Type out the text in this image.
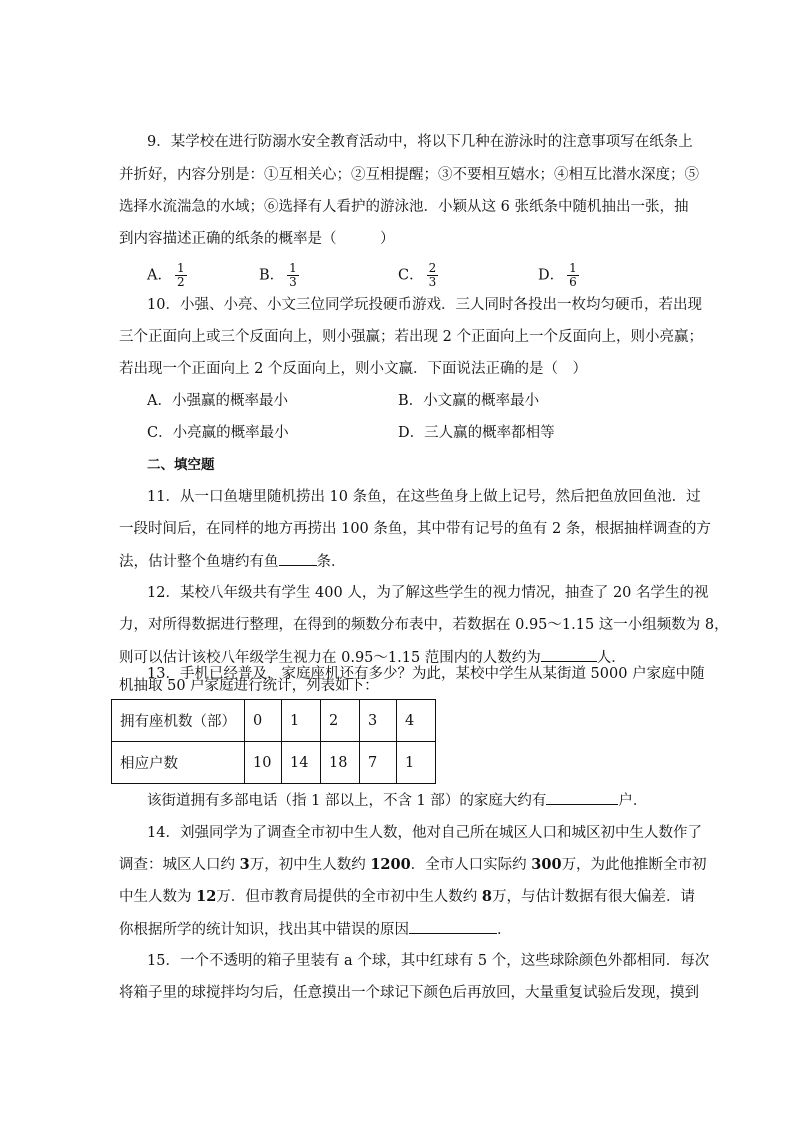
9．某学校在进行防溺水安全教育活动中，将以下几种在游泳时的注意事项写在纸条上
并折好，内容分别是：①互相关心；②互相提醒；③不要相互嬉水；④相互比潜水深度；⑤
选择水流湍急的水域；⑥选择有人看护的游泳池．小颖从这 6 张纸条中随机抽出一张，抽
到内容描述正确的纸条的概率是（　　　）
A． $\frac{1}{2}$	B． $\frac{1}{3}$	C． $\frac{2}{3}$	D． $\frac{1}{6}$
10．小强、小亮、小文三位同学玩投硬币游戏．三人同时各投出一枚均匀硬币，若出现
三个正面向上或三个反面向上，则小强赢；若出现 2 个正面向上一个反面向上，则小亮赢；
若出现一个正面向上 2 个反面向上，则小文赢．下面说法正确的是（　）
A．小强赢的概率最小	B．小文赢的概率最小
C．小亮赢的概率最小	D．三人赢的概率都相等
二、填空题
11．从一口鱼塘里随机捞出 10 条鱼，在这些鱼身上做上记号，然后把鱼放回鱼池．过
一段时间后，在同样的地方再捞出 100 条鱼，其中带有记号的鱼有 2 条，根据抽样调查的方
法，估计整个鱼塘约有鱼	条．
12．某校八年级共有学生 400 人，为了解这些学生的视力情况，抽查了 20 名学生的视
力，对所得数据进行整理，在得到的频数分布表中，若数据在 0.95～1.15 这一小组频数为 8，
则可以估计该校八年级学生视力在 0.95～1.15 范围内的人数约为	人．
13．手机已经普及，家庭座机还有多少？为此，某校中学生从某街道 5000 户家庭中随
机抽取 50 户家庭进行统计，列表如下：
拥有座机数（部）	0	1	2	3	4
相应户数	10	14	18	7	1
该街道拥有多部电话（指 1 部以上，不含 1 部）的家庭大约有	户．
14．刘强同学为了调查全市初中生人数，他对自己所在城区人口和城区初中生人数作了
调查：城区人口约 3万，初中生人数约 1200．全市人口实际约 300万，为此他推断全市初
中生人数为 12万．但市教育局提供的全市初中生人数约 8万，与估计数据有很大偏差．请
你根据所学的统计知识，找出其中错误的原因	．
15．一个不透明的箱子里装有 a 个球，其中红球有 5 个，这些球除颜色外都相同．每次
将箱子里的球搅拌均匀后，任意摸出一个球记下颜色后再放回，大量重复试验后发现，摸到
